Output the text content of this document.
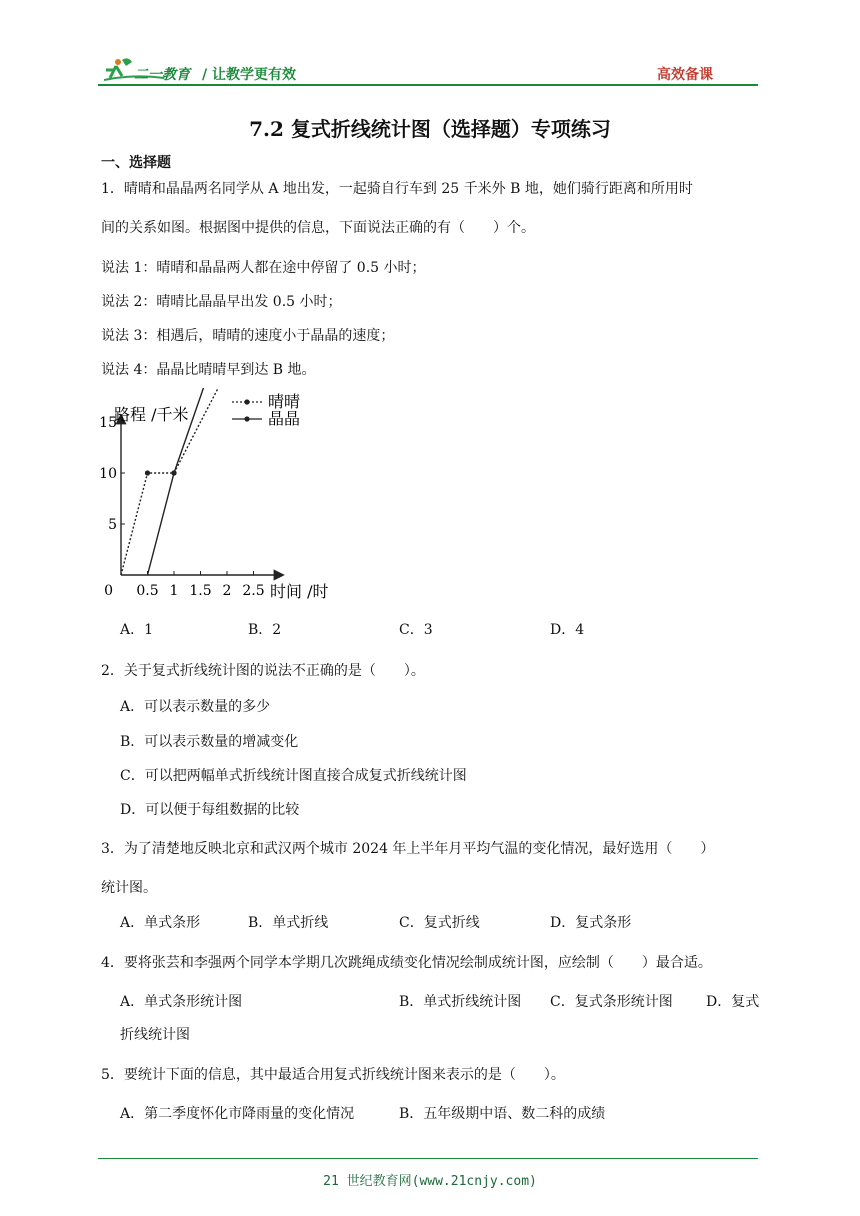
二一教育 / 让教学更有效	高效备课
7.2 复式折线统计图（选择题）专项练习
一、选择题
1．晴晴和晶晶两名同学从 A 地出发，一起骑自行车到 25 千米外 B 地，她们骑行距离和所用时
间的关系如图。根据图中提供的信息，下面说法正确的有（　　）个。
说法 1：晴晴和晶晶两人都在途中停留了 0.5 小时；
说法 2：晴晴比晶晶早出发 0.5 小时；
说法 3：相遇后，晴晴的速度小于晶晶的速度；
说法 4：晶晶比晴晴早到达 B 地。
5
10
15
0.5 1 1.5 2 2.5
0
路程 /千米
时间 /时
晴晴
晶晶
A．1	B．2	C．3	D．4
2．关于复式折线统计图的说法不正确的是（　　）。
A．可以表示数量的多少
B．可以表示数量的增减变化
C．可以把两幅单式折线统计图直接合成复式折线统计图
D．可以便于每组数据的比较
3．为了清楚地反映北京和武汉两个城市 2024 年上半年月平均气温的变化情况，最好选用（　　）
统计图。
A．单式条形	B．单式折线	C．复式折线	D．复式条形
4．要将张芸和李强两个同学本学期几次跳绳成绩变化情况绘制成统计图，应绘制（　　）最合适。
A．单式条形统计图	B．单式折线统计图 C．复式条形统计图 D．复式
折线统计图
5．要统计下面的信息，其中最适合用复式折线统计图来表示的是（　　）。
A．第二季度怀化市降雨量的变化情况	B．五年级期中语、数二科的成绩
21 世纪教育网(www.21cnjy.com)
